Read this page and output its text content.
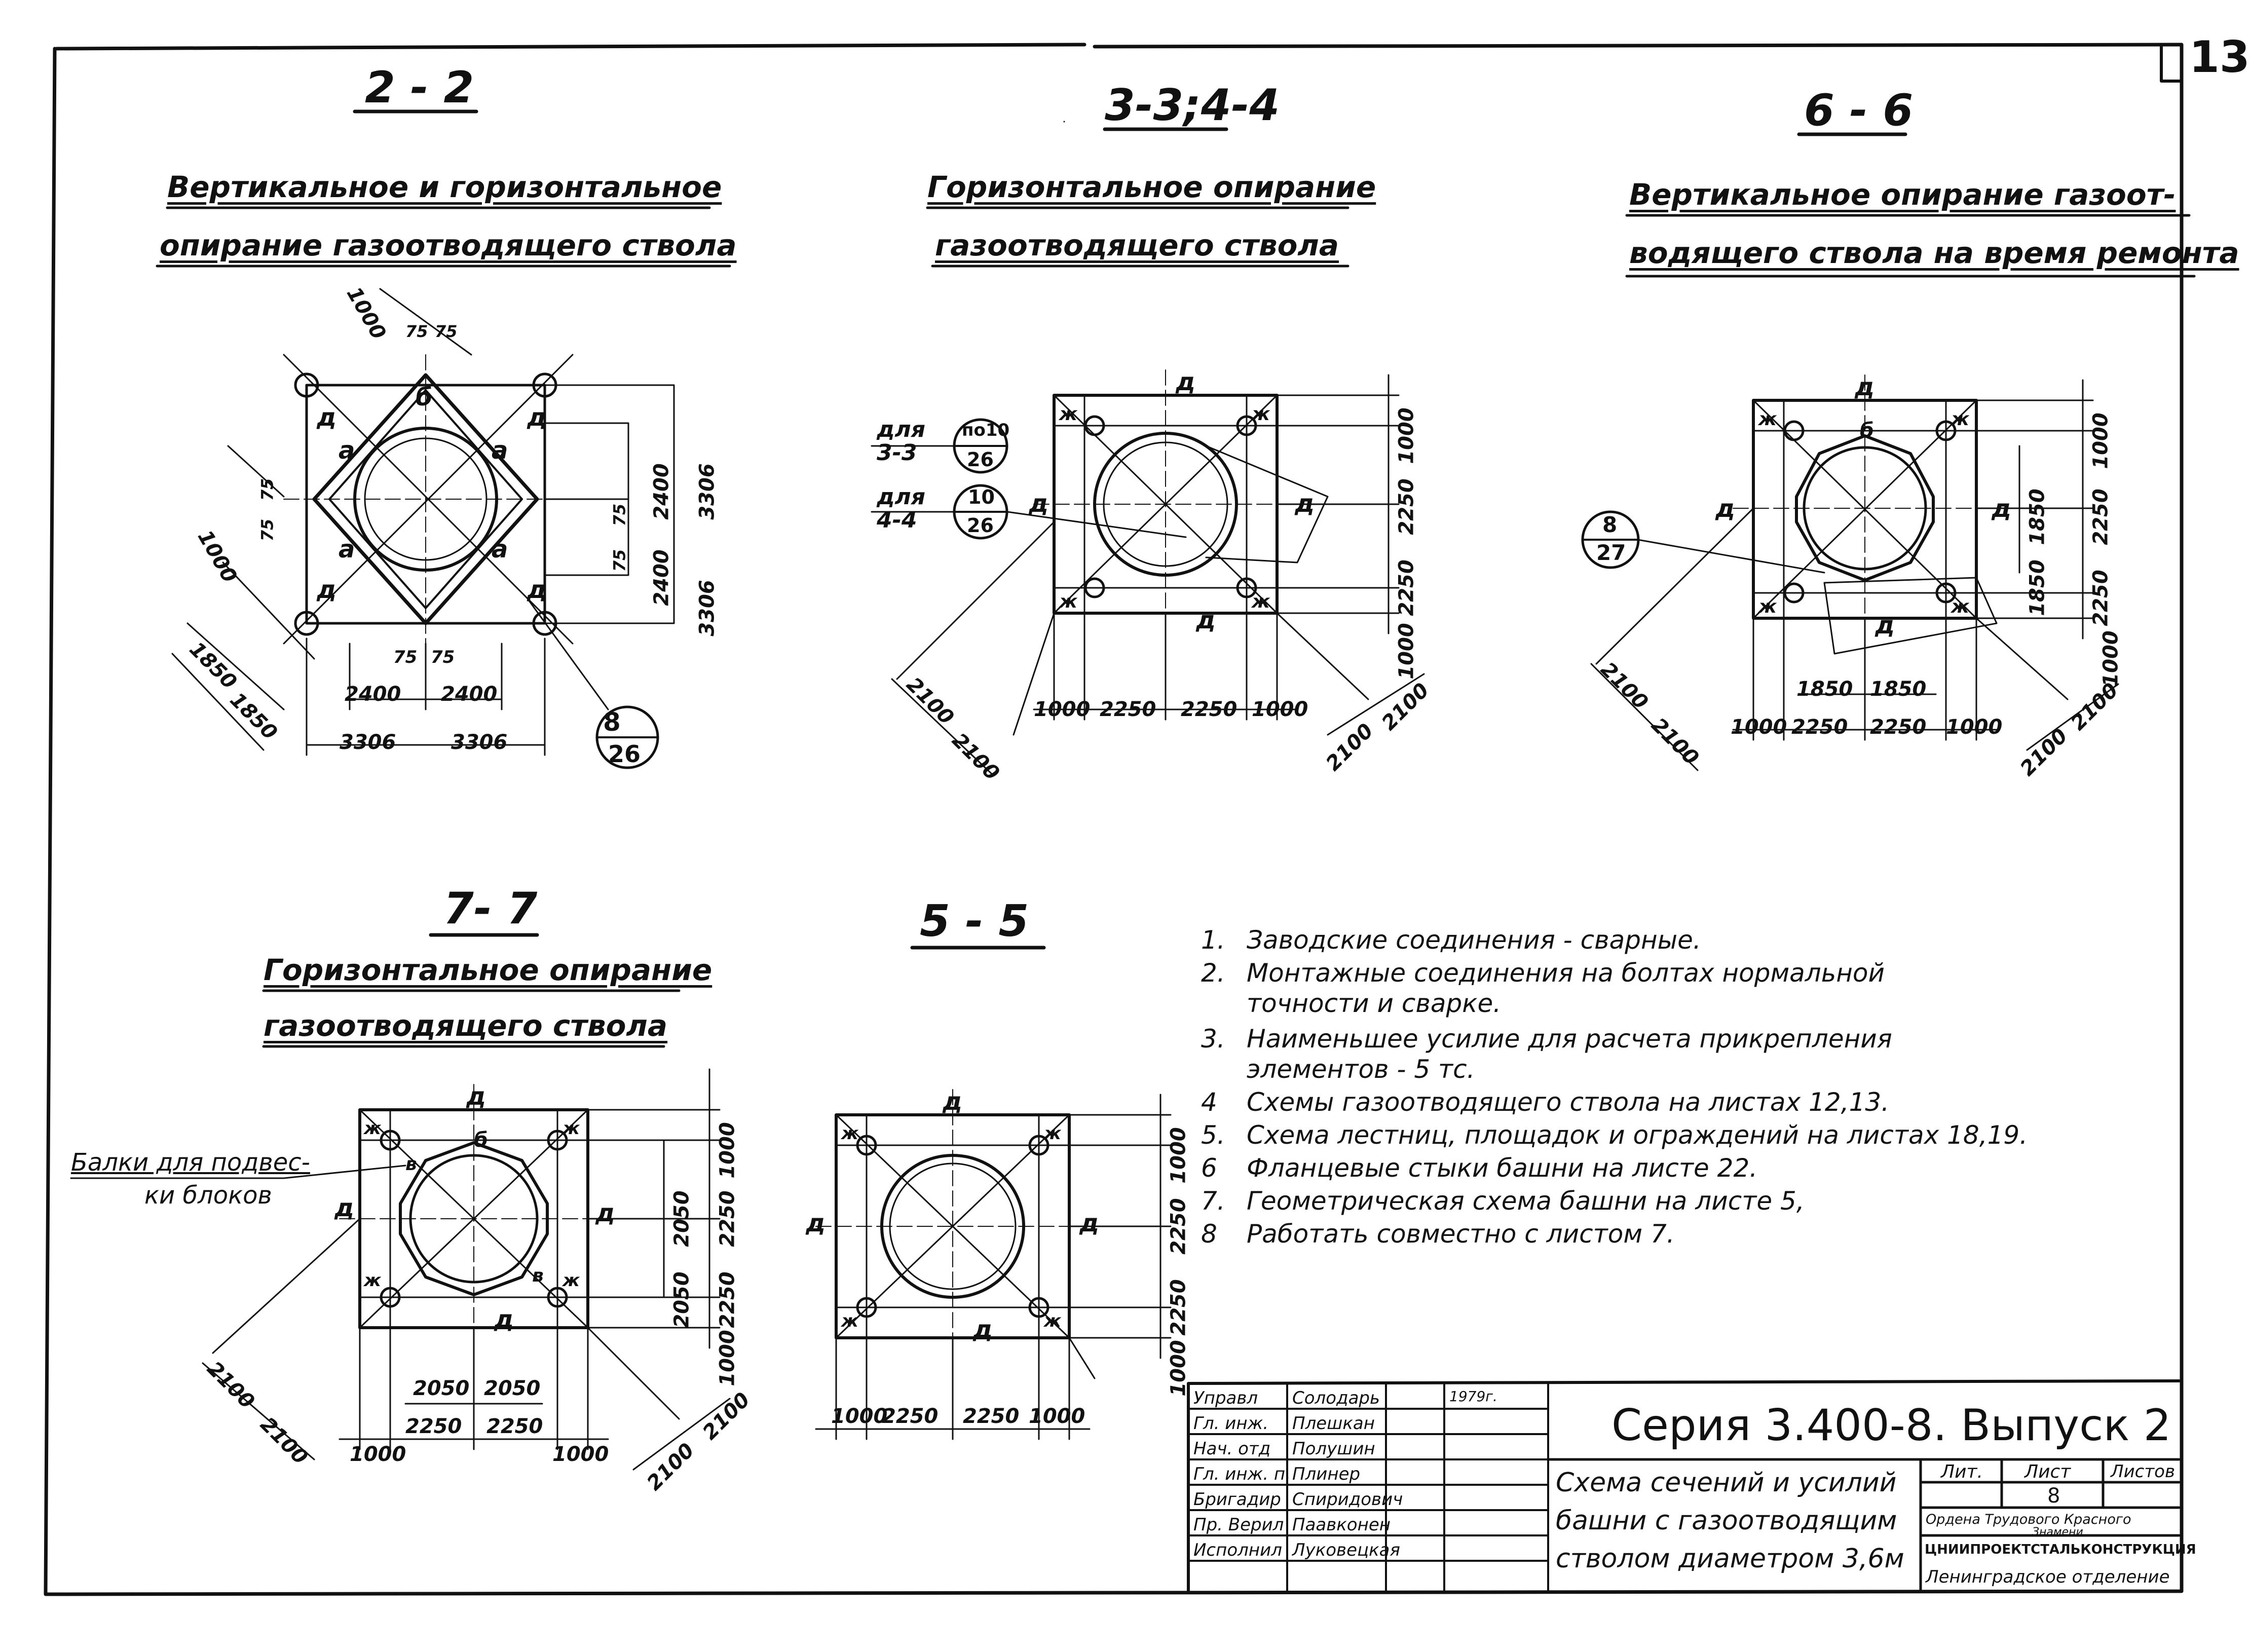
13
2 - 2
Вертикальное и горизонтальное
опирание газоотводящего ствола
3-3;4-4
Горизонтальное опирание
газоотводящего ствола
6 - 6
Вертикальное опирание газоот-
водящего ствола на время ремонта
7- 7
Горизонтальное опирание
газоотводящего ствола
5 - 5
1000 75 75
2400
2400
3306
3306
75
75
75
75
1000
75 75
2400 2400
3306	3306
1850
1850
б
а	а
а	а
д	д
д	д
8
26
д
д
д	д
ж	ж
ж	ж
1000
2250
2250
1000
1000 2250 2250 1000
2100
2100
2100
2100
для 3-3
по10
26
для 4-4
10
26
д
д
д	д
б
ж	ж
ж	ж
1000
2250
2250
1000
1850
1850
1850 1850
1000 2250 2250 1000
2100
2100
2100
2100
8
27
д
д
д	д
б
в
в
ж	ж
ж	ж
1000
2250
2250
1000
2050
2050
2050 2050
2250 2250
1000	1000
2100
2100	2100
2100
Балки для подвес-
ки блоков
д
д
д	д
ж	ж
ж	ж
1000
2250
2250
1000
1000
2250 2250 1000
1. Заводские соединения - сварные.
2. Монтажные соединения на болтах нормальной
точности и сварке.
3. Наименьшее усилие для расчета прикрепления
элементов - 5 тс.
4 Схемы газоотводящего ствола на листах 12,13.
5. Схема лестниц, площадок и ограждений на листах 18,19.
6 Фланцевые стыки башни на листе 22.
7. Геометрическая схема башни на листе 5,
8 Работать совместно с листом 7.
Управл Солодарь	1979г.
Гл. инж. Плешкан
Нач. отд Полушин
Гл. инж. п. Плинер
Бригадир Спиридович
Пр. Верил Паавконен
Исполнил Луковецкая
Серия 3.400-8. Выпуск 2
Схема сечений и усилий
башни с газоотводящим
стволом диаметром 3,6м
Лит. Лист Листов
8
Ордена Трудового Красного
Знамени
ЦНИИПРОЕКТСТАЛЬКОНСТРУКЦИЯ
Ленинградское отделение
